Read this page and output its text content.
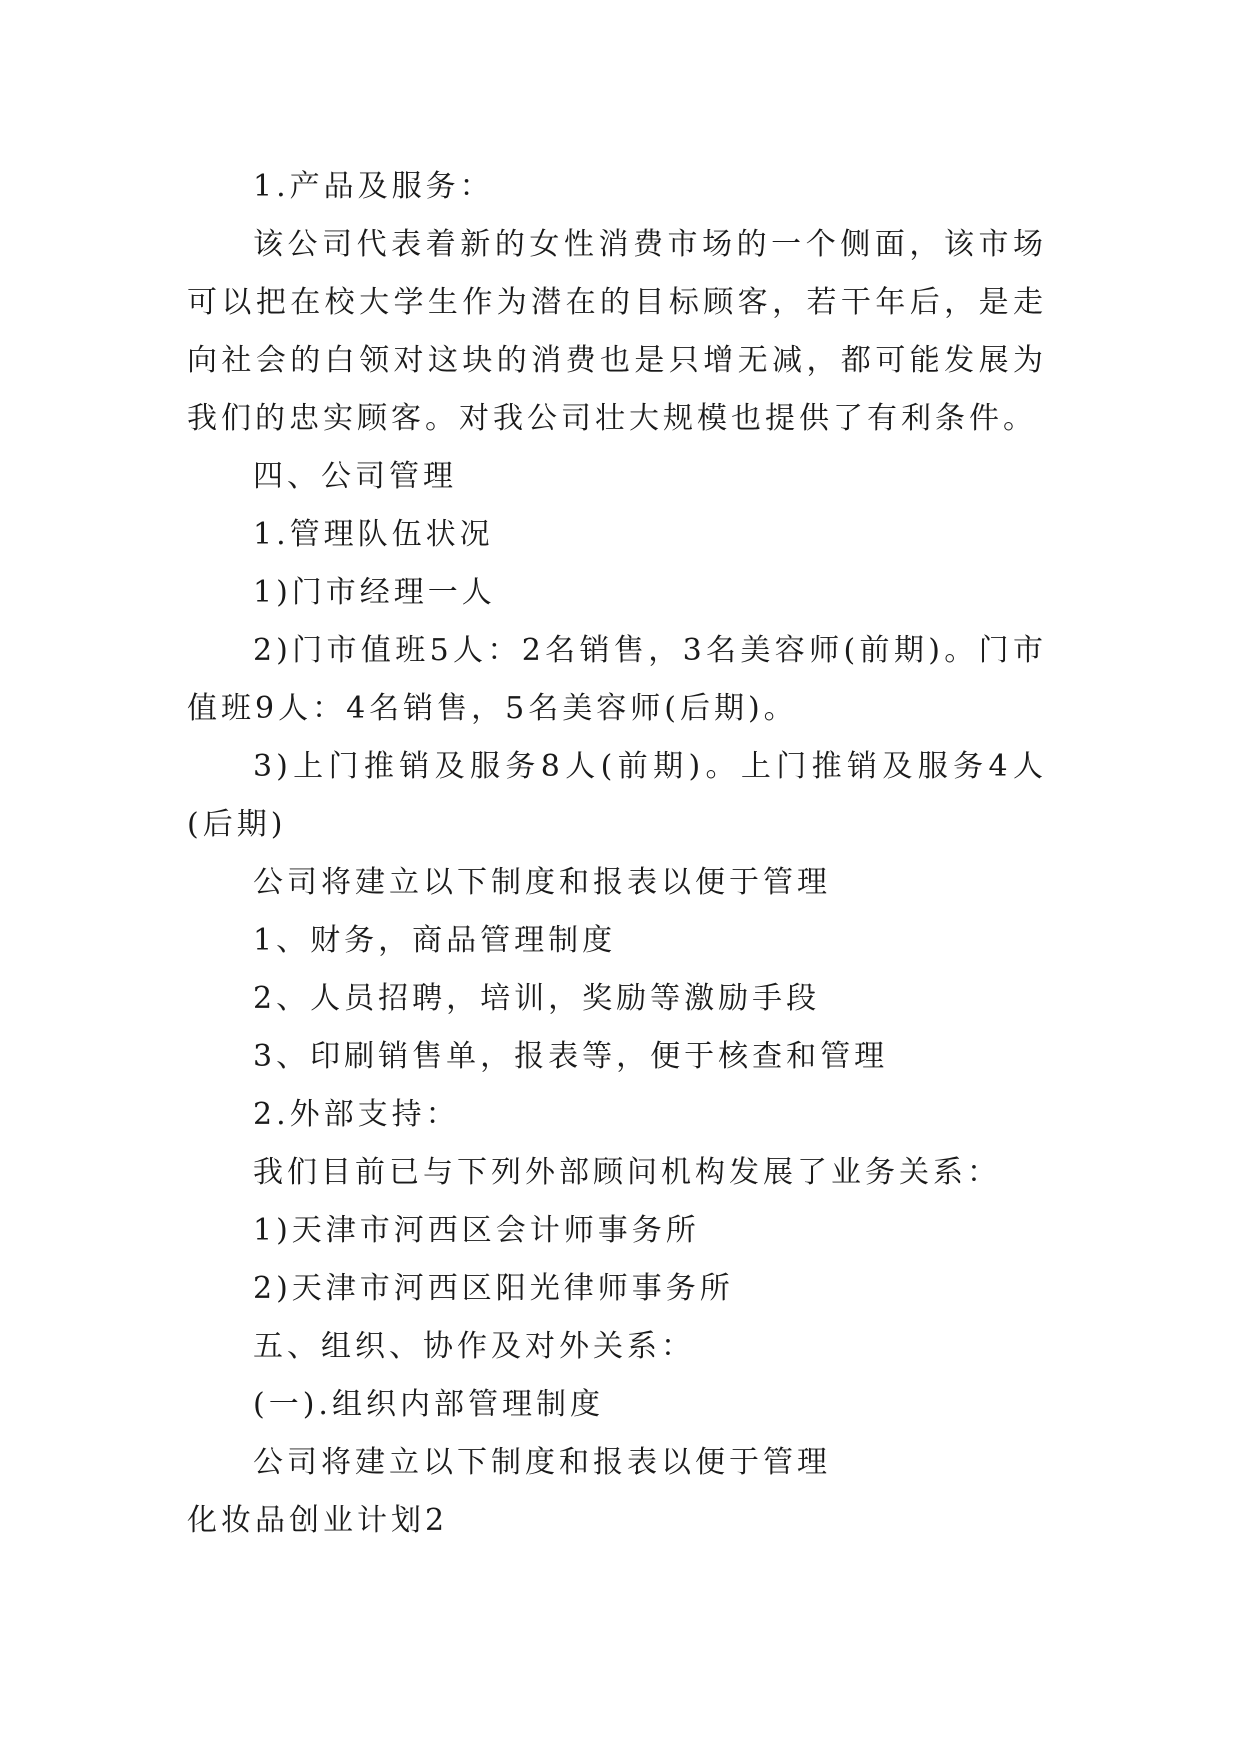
1.产品及服务：

该公司代表着新的女性消费市场的一个侧面，该市场可以把在校大学生作为潜在的目标顾客，若干年后，是走向社会的白领对这块的消费也是只增无减，都可能发展为我们的忠实顾客。对我公司壮大规模也提供了有利条件。

四、公司管理

1.管理队伍状况

1)门市经理一人

2)门市值班5人：2名销售，3名美容师(前期)。门市值班9人：4名销售，5名美容师(后期)。

3)上门推销及服务8人(前期)。上门推销及服务4人(后期)

公司将建立以下制度和报表以便于管理

1、财务，商品管理制度

2、人员招聘，培训，奖励等激励手段

3、印刷销售单，报表等，便于核查和管理

2.外部支持：

我们目前已与下列外部顾问机构发展了业务关系：

1)天津市河西区会计师事务所

2)天津市河西区阳光律师事务所

五、组织、协作及对外关系：

(一).组织内部管理制度

公司将建立以下制度和报表以便于管理

化妆品创业计划2
